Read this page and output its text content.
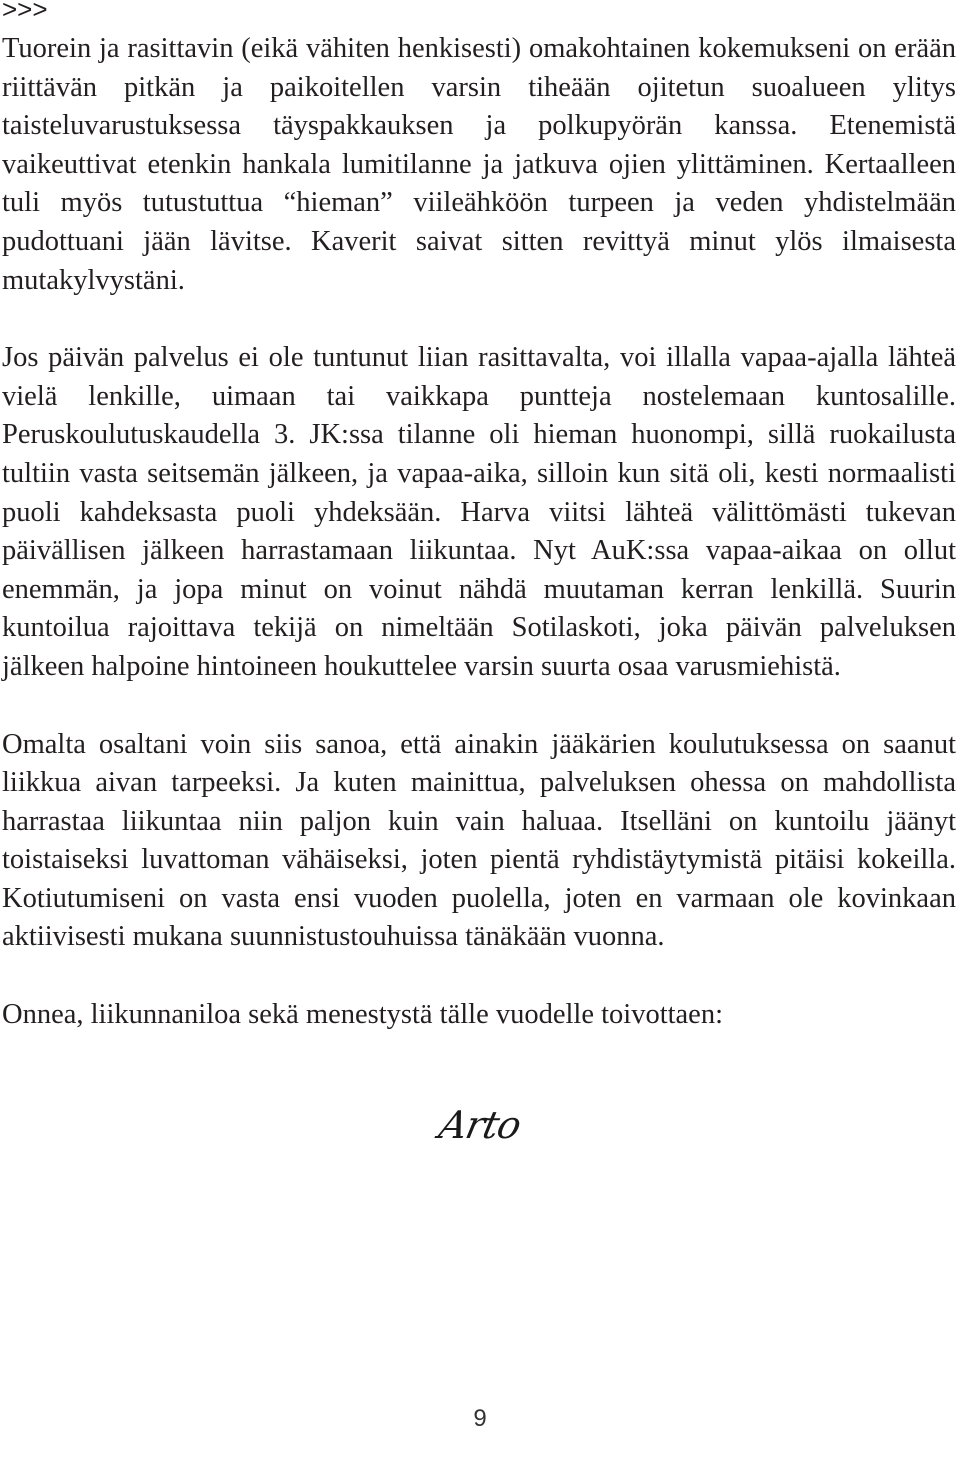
>>>

Tuorein ja rasittavin (eikä vähiten henkisesti) omakohtainen kokemukseni on erään riittävän pitkän ja paikoitellen varsin tiheään ojitetun suoalueen ylitys taisteluvarustuksessa täyspakkauksen ja polkupyörän kanssa. Etenemistä vaikeuttivat etenkin hankala lumitilanne ja jatkuva ojien ylittäminen. Kertaalleen tuli myös tutustuttua “hieman” viileähköön turpeen ja veden yhdistelmään pudottuani jään lävitse. Kaverit saivat sitten revittyä minut ylös ilmaisesta mutakylvystäni.

Jos päivän palvelus ei ole tuntunut liian rasittavalta, voi illalla vapaa-ajalla lähteä vielä lenkille, uimaan tai vaikkapa puntteja nostelemaan kuntosalille. Peruskoulutuskaudella 3. JK:ssa tilanne oli hieman huonompi, sillä ruokailusta tultiin vasta seitsemän jälkeen, ja vapaa-aika, silloin kun sitä oli, kesti normaalisti puoli kahdeksasta puoli yhdeksään. Harva viitsi lähteä välittömästi tukevan päivällisen jälkeen harrastamaan liikuntaa. Nyt AuK:ssa vapaa-aikaa on ollut enemmän, ja jopa minut on voinut nähdä muutaman kerran lenkillä. Suurin kuntoilua rajoittava tekijä on nimeltään Sotilaskoti, joka päivän palveluksen jälkeen halpoine hintoineen houkuttelee varsin suurta osaa varusmiehistä.

Omalta osaltani voin siis sanoa, että ainakin jääkärien koulutuksessa on saanut liikkua aivan tarpeeksi. Ja kuten mainittua, palveluksen ohessa on mahdollista harrastaa liikuntaa niin paljon kuin vain haluaa. Itselläni on kuntoilu jäänyt toistaiseksi luvattoman vähäiseksi, joten pientä ryhdistäytymistä pitäisi kokeilla. Kotiutumiseni on vasta ensi vuoden puolella, joten en varmaan ole kovinkaan aktiivisesti mukana suunnistustouhuissa tänäkään vuonna.

Onnea, liikunnaniloa sekä menestystä tälle vuodelle toivottaen:

Arto
9
